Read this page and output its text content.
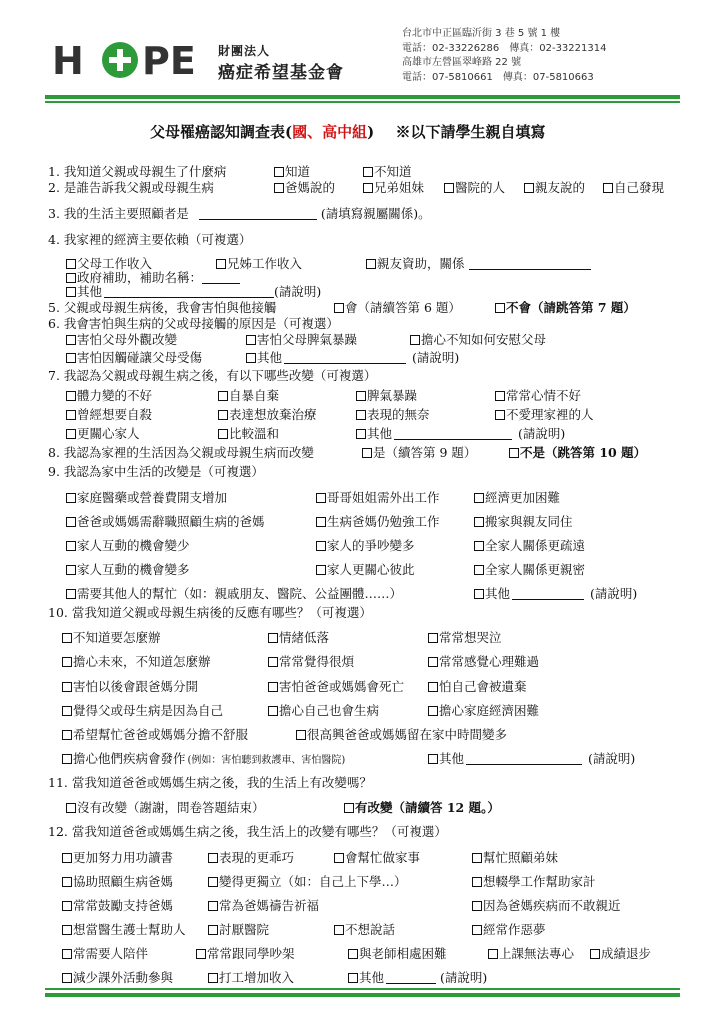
H PE 財團法人
癌症希望基金會
台北市中正區臨沂街 3 巷 5 號 1 樓
電話：02-33226286　傳真：02-33221314
高雄市左營區翠峰路 22 號
電話：07-5810661　傳真：07-5810663
父母罹癌認知調查表(國、高中組) ※以下請學生親自填寫
1. 我知道父親或母親生了什麼病	知道	不知道
2. 是誰告訴我父親或母親生病	爸媽說的	兄弟姐妹	醫院的人	親友說的	自己發現
3. 我的生活主要照顧者是	(請填寫親屬關係)。
4. 我家裡的經濟主要依賴（可複選）
父母工作收入	兄姊工作收入	親友資助，關係
政府補助，補助名稱：
其他	(請說明)
5. 父親或母親生病後，我會害怕與他接觸	會（請續答第 6 題）	不會（請跳答第 7 題）
6. 我會害怕與生病的父或母接觸的原因是（可複選）
害怕父母外觀改變	害怕父母脾氣暴躁	擔心不知如何安慰父母
害怕因觸碰讓父母受傷	其他	(請說明)
7. 我認為父親或母親生病之後，有以下哪些改變（可複選）
體力變的不好	自暴自棄	脾氣暴躁	常常心情不好
曾經想要自殺	表達想放棄治療	表現的無奈	不愛理家裡的人
更關心家人	比較溫和	其他	(請說明)
8. 我認為家裡的生活因為父親或母親生病而改變	是（續答第 9 題）	不是（跳答第 10 題）
9. 我認為家中生活的改變是（可複選）
家庭醫藥或營養費開支增加	哥哥姐姐需外出工作	經濟更加困難
爸爸或媽媽需辭職照顧生病的爸媽	生病爸媽仍勉強工作	搬家與親友同住
家人互動的機會變少	家人的爭吵變多	全家人關係更疏遠
家人互動的機會變多	家人更關心彼此	全家人關係更親密
需要其他人的幫忙（如：親戚朋友、醫院、公益團體……）	其他	(請說明)
10. 當我知道父親或母親生病後的反應有哪些？（可複選）
不知道要怎麼辦	情緒低落	常常想哭泣
擔心未來，不知道怎麼辦	常常覺得很煩	常常感覺心理難過
害怕以後會跟爸媽分開	害怕爸爸或媽媽會死亡	怕自己會被遺棄
覺得父或母生病是因為自己	擔心自己也會生病	擔心家庭經濟困難
希望幫忙爸爸或媽媽分擔不舒服	很高興爸爸或媽媽留在家中時間變多
擔心他們疾病會發作 (例如：害怕聽到救護車、害怕醫院)	其他	(請說明)
11. 當我知道爸爸或媽媽生病之後，我的生活上有改變嗎？
沒有改變（謝謝，問卷答題結束）	有改變（請續答 12 題。）
12. 當我知道爸爸或媽媽生病之後，我生活上的改變有哪些？（可複選）
更加努力用功讀書	表現的更乖巧	會幫忙做家事	幫忙照顧弟妹
協助照顧生病爸媽	變得更獨立（如：自己上下學…）	想輟學工作幫助家計
常常鼓勵支持爸媽	常為爸媽禱告祈福	因為爸媽疾病而不敢親近
想當醫生護士幫助人	討厭醫院	不想說話	經常作惡夢
常需要人陪伴	常常跟同學吵架	與老師相處困難	上課無法專心	成績退步
減少課外活動參與	打工增加收入	其他	(請說明)
